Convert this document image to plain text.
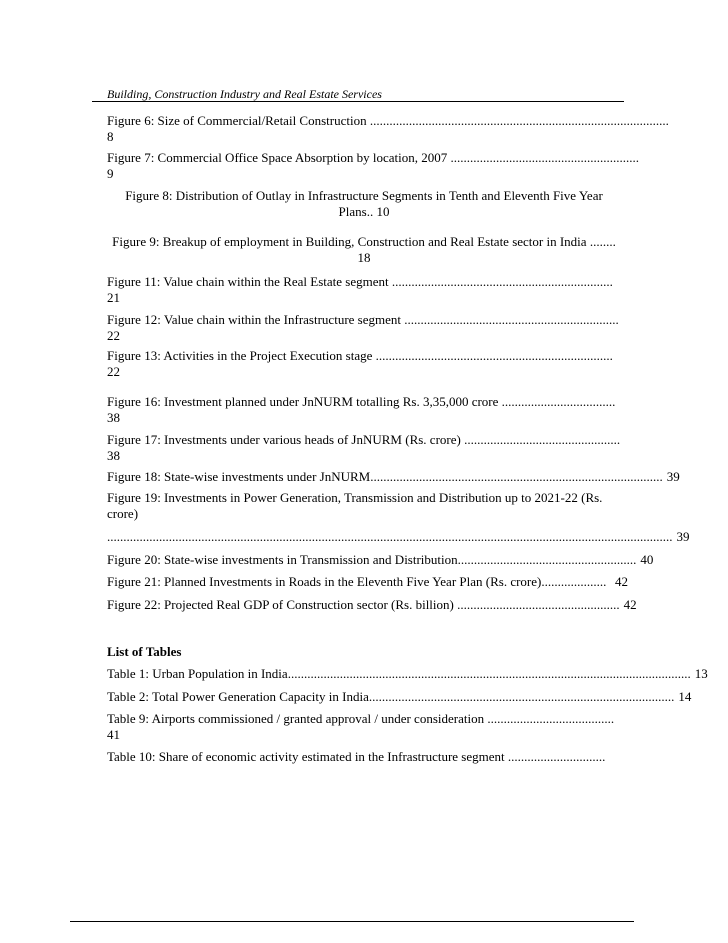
Building, Construction Industry and Real Estate Services

Figure 6: Size of Commercial/Retail Construction ............................................................................................
8

Figure 7: Commercial Office Space Absorption by location, 2007 ..........................................................
9

Figure 8: Distribution of Outlay in Infrastructure Segments in Tenth and Eleventh Five Year Plans.. 10

Figure 9: Breakup of employment in Building, Construction and Real Estate sector in India ........ 18

Figure 11: Value chain within the Real Estate segment ....................................................................
21

Figure 12: Value chain within the Infrastructure segment ..................................................................
22

Figure 13: Activities in the Project Execution stage .........................................................................
22

Figure 16: Investment planned under JnNURM totalling Rs. 3,35,000 crore ...................................
38

Figure 17: Investments under various heads of JnNURM (Rs. crore) ................................................
38

Figure 18: State-wise investments under JnNURM .......................................................................................... 39

Figure 19: Investments in Power Generation, Transmission and Distribution up to 2021-22 (Rs. crore)

.............................................................................................................................................................................. 39

Figure 20: State-wise investments in Transmission and Distribution ....................................................... 40

Figure 21: Planned Investments in Roads in the Eleventh Five Year Plan (Rs. crore) .................... 42

Figure 22: Projected Real GDP of Construction sector (Rs. billion) .................................................. 42

List of Tables

Table 1: Urban Population in India ............................................................................................................................ 13

Table 2: Total Power Generation Capacity in India .............................................................................................. 14

Table 9: Airports commissioned / granted approval / under consideration .......................................
41

Table 10: Share of economic activity estimated in the Infrastructure segment ..............................
